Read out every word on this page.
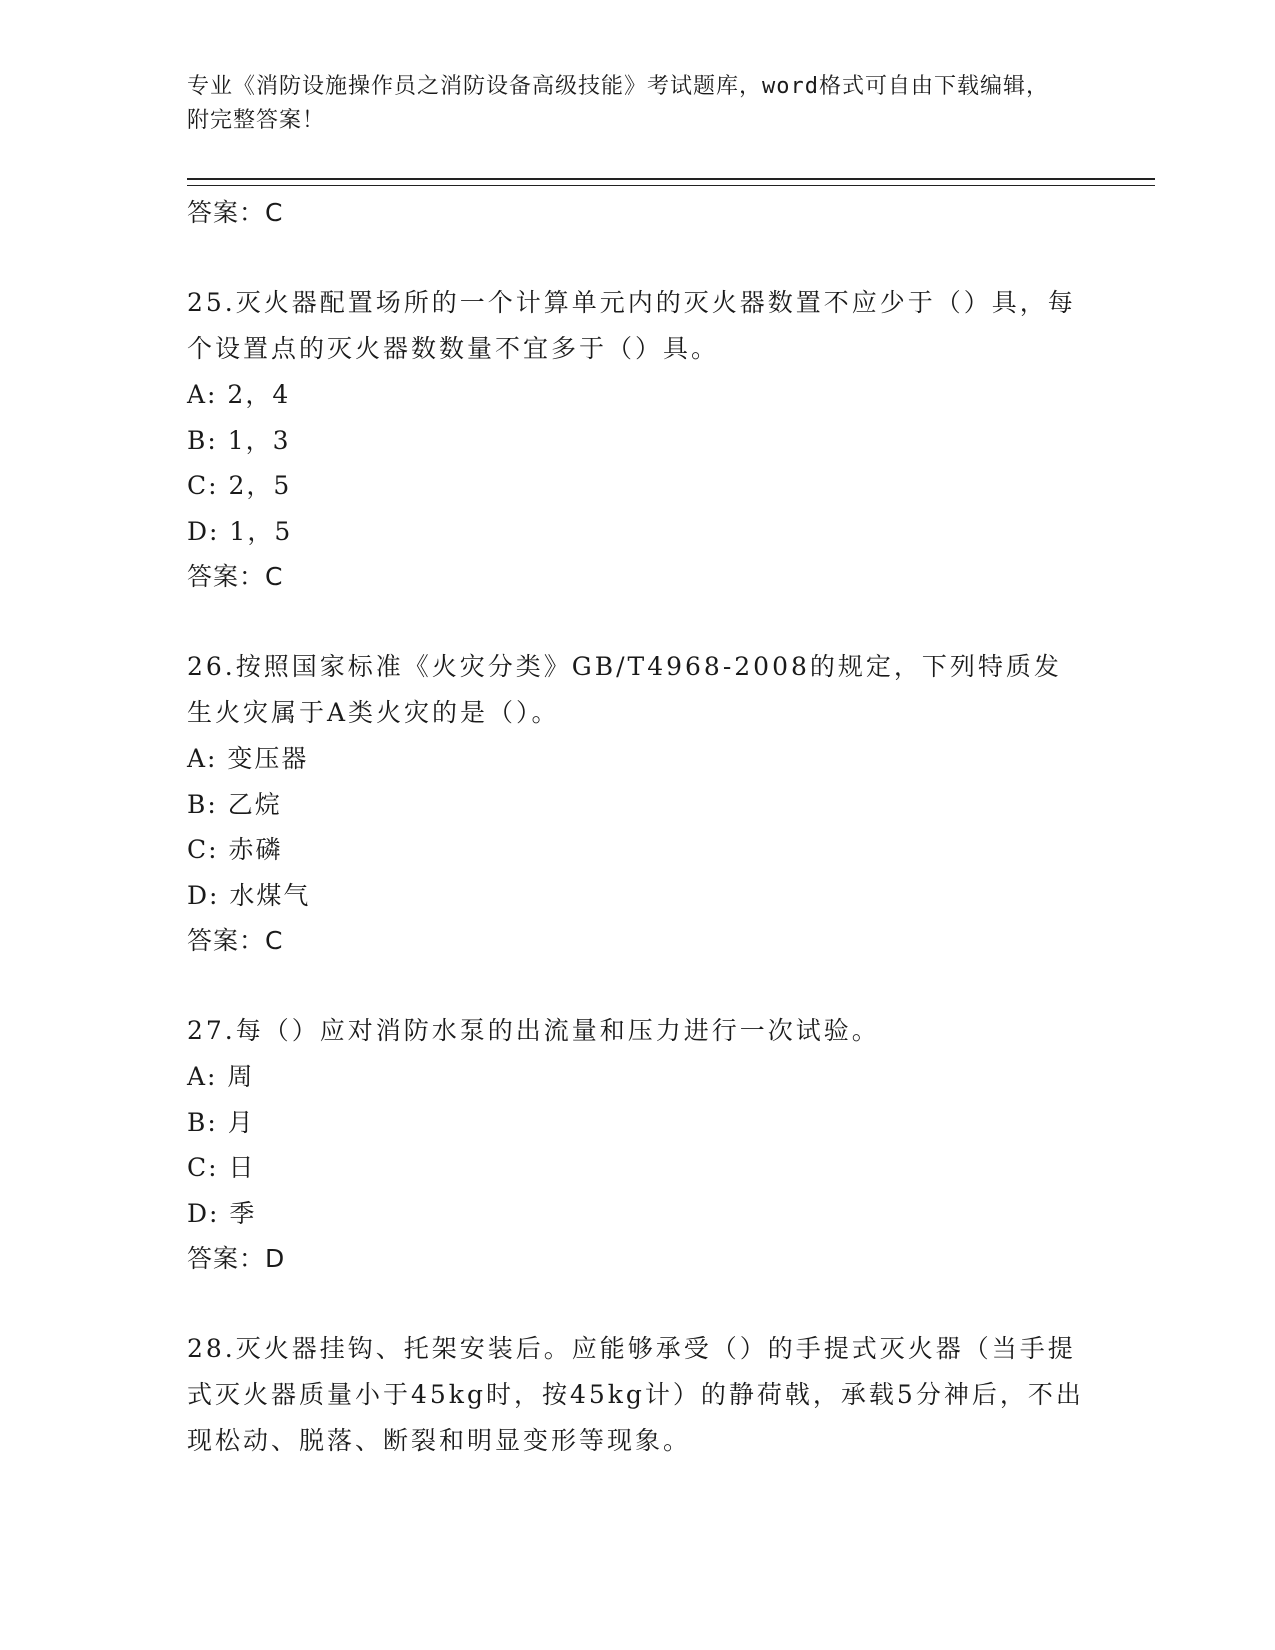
专业《消防设施操作员之消防设备高级技能》考试题库，word格式可自由下载编辑，附完整答案！
答案：C
25.灭火器配置场所的一个计算单元内的灭火器数置不应少于（）具，每个设置点的灭火器数数量不宜多于（）具。
A: 2，4
B: 1，3
C: 2，5
D: 1，5
答案：C
26.按照国家标准《火灾分类》GB/T4968-2008的规定，下列特质发生火灾属于A类火灾的是（）。
A: 变压器
B: 乙烷
C: 赤磷
D: 水煤气
答案：C
27.每（）应对消防水泵的出流量和压力进行一次试验。
A: 周
B: 月
C: 日
D: 季
答案：D
28.灭火器挂钩、托架安装后。应能够承受（）的手提式灭火器（当手提式灭火器质量小于45kg时，按45kg计）的静荷戟，承载5分神后，不出现松动、脱落、断裂和明显变形等现象。
